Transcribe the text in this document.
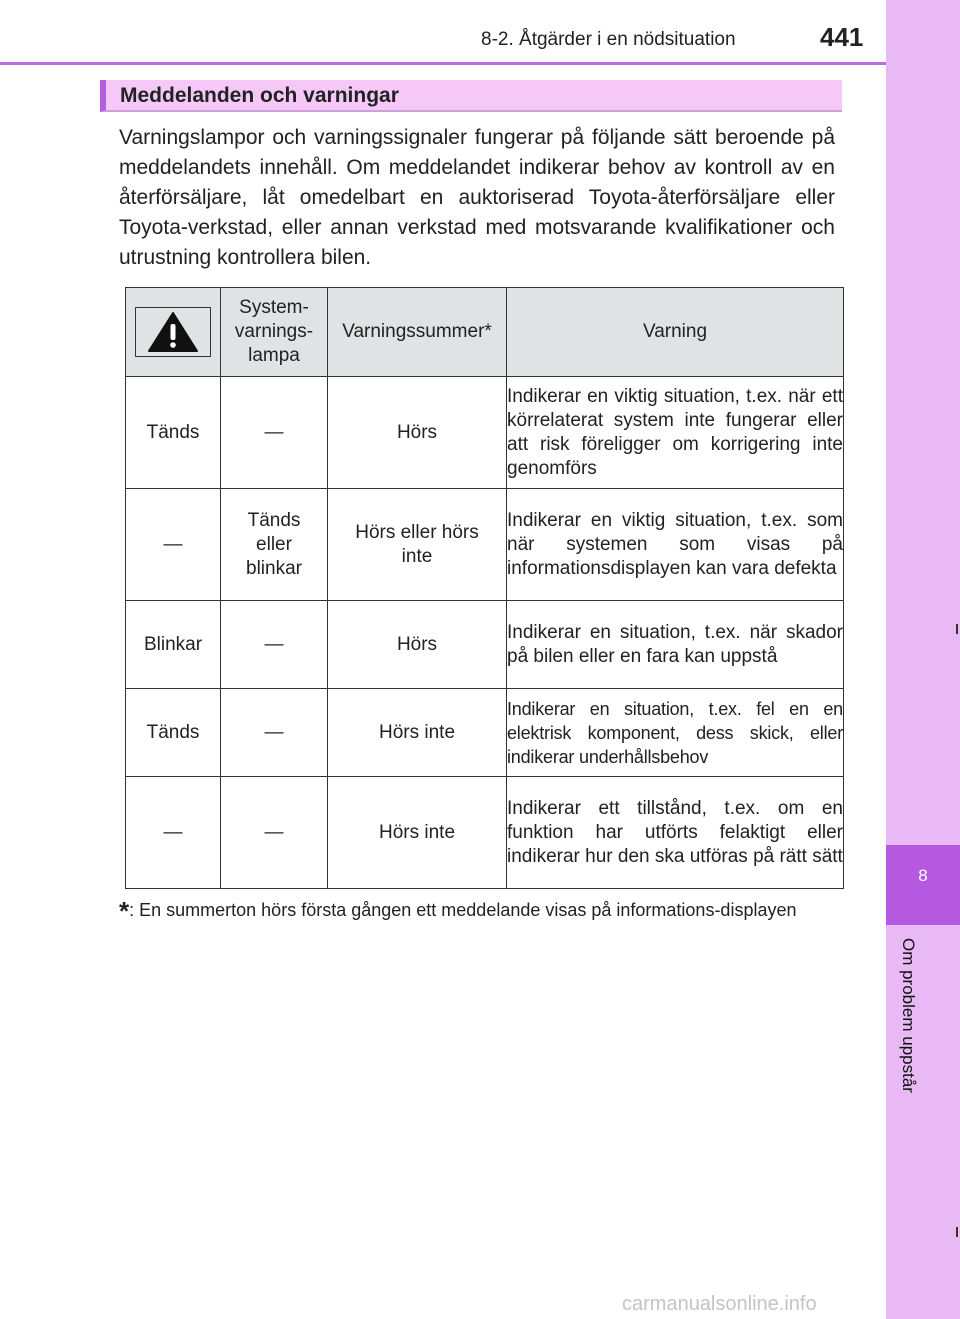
8-2. Åtgärder i en nödsituation	441
8
Om problem uppstår
Meddelanden och varningar
Varningslampor och varningssignaler fungerar på följande sätt beroende på meddelandets innehåll. Om meddelandet indikerar behov av kontroll av en återförsäljare, låt omedelbart en auktoriserad Toyota-återförsäljare eller Toyota-verkstad, eller annan verkstad med motsvarande kvalifikationer och utrustning kontrollera bilen.
	System-varnings-lampa	Varningssummer*	Varning
Tänds	—	Hörs	Indikerar en viktig situation, t.ex. när ett körrelaterat system inte fungerar eller att risk föreligger om korrigering inte genomförs
—	Tänds eller blinkar	Hörs eller hörs inte	Indikerar en viktig situation, t.ex. som när systemen som visas på informationsdisplayen kan vara defekta
Blinkar	—	Hörs	Indikerar en situation, t.ex. när skador på bilen eller en fara kan uppstå
Tänds	—	Hörs inte	Indikerar en situation, t.ex. fel en en elektrisk komponent, dess skick, eller indikerar underhållsbehov
—	—	Hörs inte	Indikerar ett tillstånd, t.ex. om en funktion har utförts felaktigt eller indikerar hur den ska utföras på rätt sätt
*: En summerton hörs första gången ett meddelande visas på informations-displayen
carmanualsonline.info
